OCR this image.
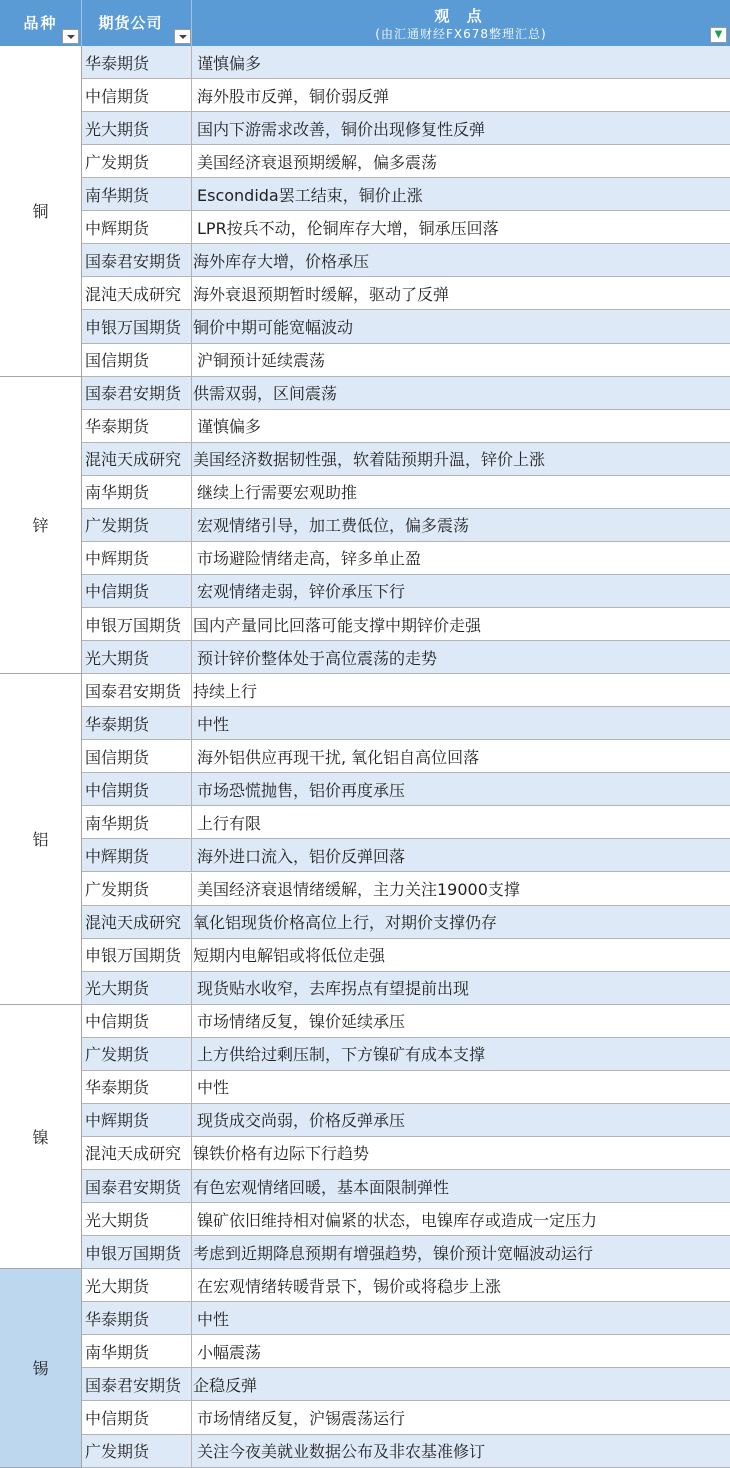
品种	期货公司	观 点
(由汇通财经FX678整理汇总)	▼
铜
华泰期货	谨慎偏多
中信期货	海外股市反弹，铜价弱反弹
光大期货	国内下游需求改善，铜价出现修复性反弹
广发期货	美国经济衰退预期缓解，偏多震荡
南华期货	Escondida罢工结束，铜价止涨
中辉期货	LPR按兵不动，伦铜库存大增，铜承压回落
国泰君安期货 海外库存大增，价格承压
混沌天成研究 海外衰退预期暂时缓解，驱动了反弹
申银万国期货 铜价中期可能宽幅波动
国信期货	沪铜预计延续震荡
锌
国泰君安期货 供需双弱，区间震荡
华泰期货	谨慎偏多
混沌天成研究 美国经济数据韧性强，软着陆预期升温，锌价上涨
南华期货	继续上行需要宏观助推
广发期货	宏观情绪引导，加工费低位，偏多震荡
中辉期货	市场避险情绪走高，锌多单止盈
中信期货	宏观情绪走弱，锌价承压下行
申银万国期货 国内产量同比回落可能支撑中期锌价走强
光大期货	预计锌价整体处于高位震荡的走势
铝
国泰君安期货 持续上行
华泰期货	中性
国信期货	海外铝供应再现干扰, 氧化铝自高位回落
中信期货	市场恐慌抛售，铝价再度承压
南华期货	上行有限
中辉期货	海外进口流入，铝价反弹回落
广发期货	美国经济衰退情绪缓解，主力关注19000支撑
混沌天成研究 氧化铝现货价格高位上行，对期价支撑仍存
申银万国期货 短期内电解铝或将低位走强
光大期货	现货贴水收窄，去库拐点有望提前出现
镍
中信期货	市场情绪反复，镍价延续承压
广发期货	上方供给过剩压制，下方镍矿有成本支撑
华泰期货	中性
中辉期货	现货成交尚弱，价格反弹承压
混沌天成研究 镍铁价格有边际下行趋势
国泰君安期货 有色宏观情绪回暖，基本面限制弹性
光大期货	镍矿依旧维持相对偏紧的状态，电镍库存或造成一定压力
申银万国期货 考虑到近期降息预期有增强趋势，镍价预计宽幅波动运行
锡
光大期货	在宏观情绪转暖背景下，锡价或将稳步上涨
华泰期货	中性
南华期货	小幅震荡
国泰君安期货 企稳反弹
中信期货	市场情绪反复，沪锡震荡运行
广发期货	关注今夜美就业数据公布及非农基准修订
